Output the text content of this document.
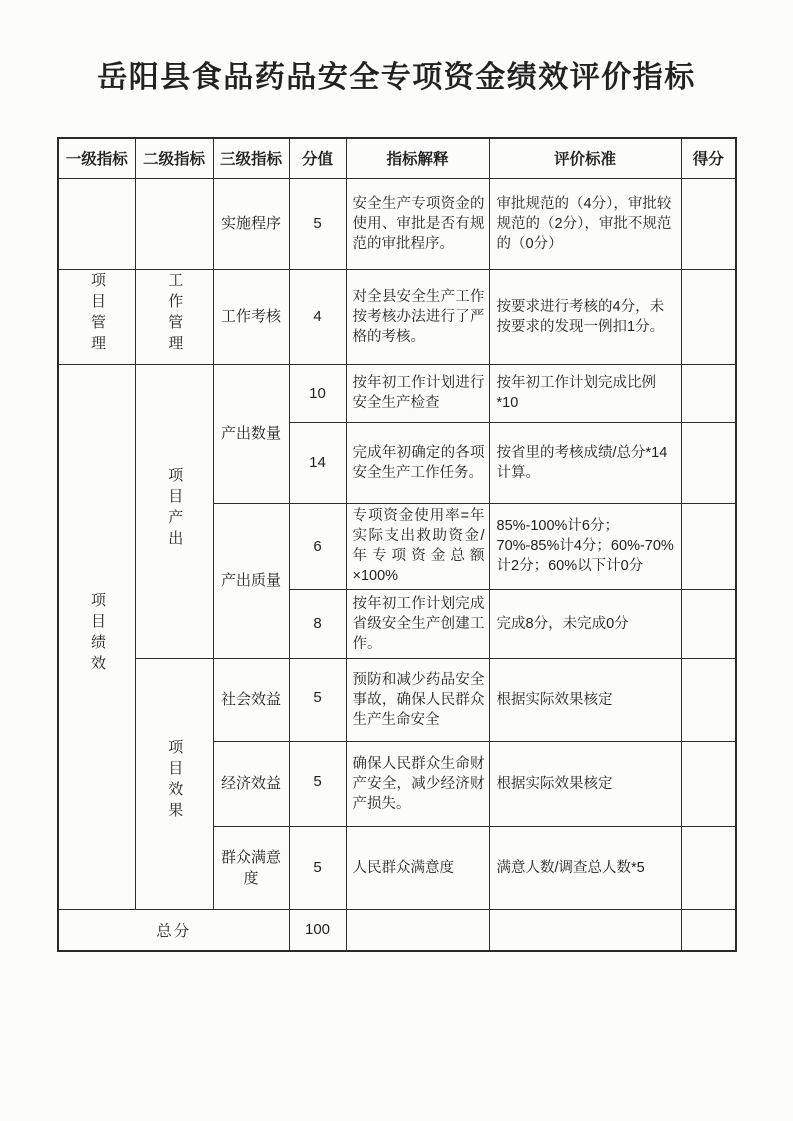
岳阳县食品药品安全专项资金绩效评价指标
一级指标	二级指标	三级指标	分值	指标解释	评价标准	得分
		实施程序	5	安全生产专项资金的使用、审批是否有规范的审批程序。	审批规范的（4分），审批较规范的（2分），审批不规范的（0分）	
项目管理	工作管理	工作考核	4	对全县安全生产工作按考核办法进行了严格的考核。	按要求进行考核的4分，未按要求的发现一例扣1分。	
项目绩效	项目产出	产出数量	10	按年初工作计划进行安全生产检查	按年初工作计划完成比例*10	
			14	完成年初确定的各项安全生产工作任务。	按省里的考核成绩/总分*14计算。	
		产出质量	6	专项资金使用率=年实际支出救助资金/年专项资金总额×100%	85%-100%计6分；70%-85%计4分；60%-70%计2分；60%以下计0分	
			8	按年初工作计划完成省级安全生产创建工作。	完成8分，未完成0分	
	项目效果	社会效益	5	预防和减少药品安全事故，确保人民群众生产生命安全	根据实际效果核定	
		经济效益	5	确保人民群众生命财产安全，减少经济财产损失。	根据实际效果核定	
		群众满意度	5	人民群众满意度	满意人数/调查总人数*5	
总分			100			
